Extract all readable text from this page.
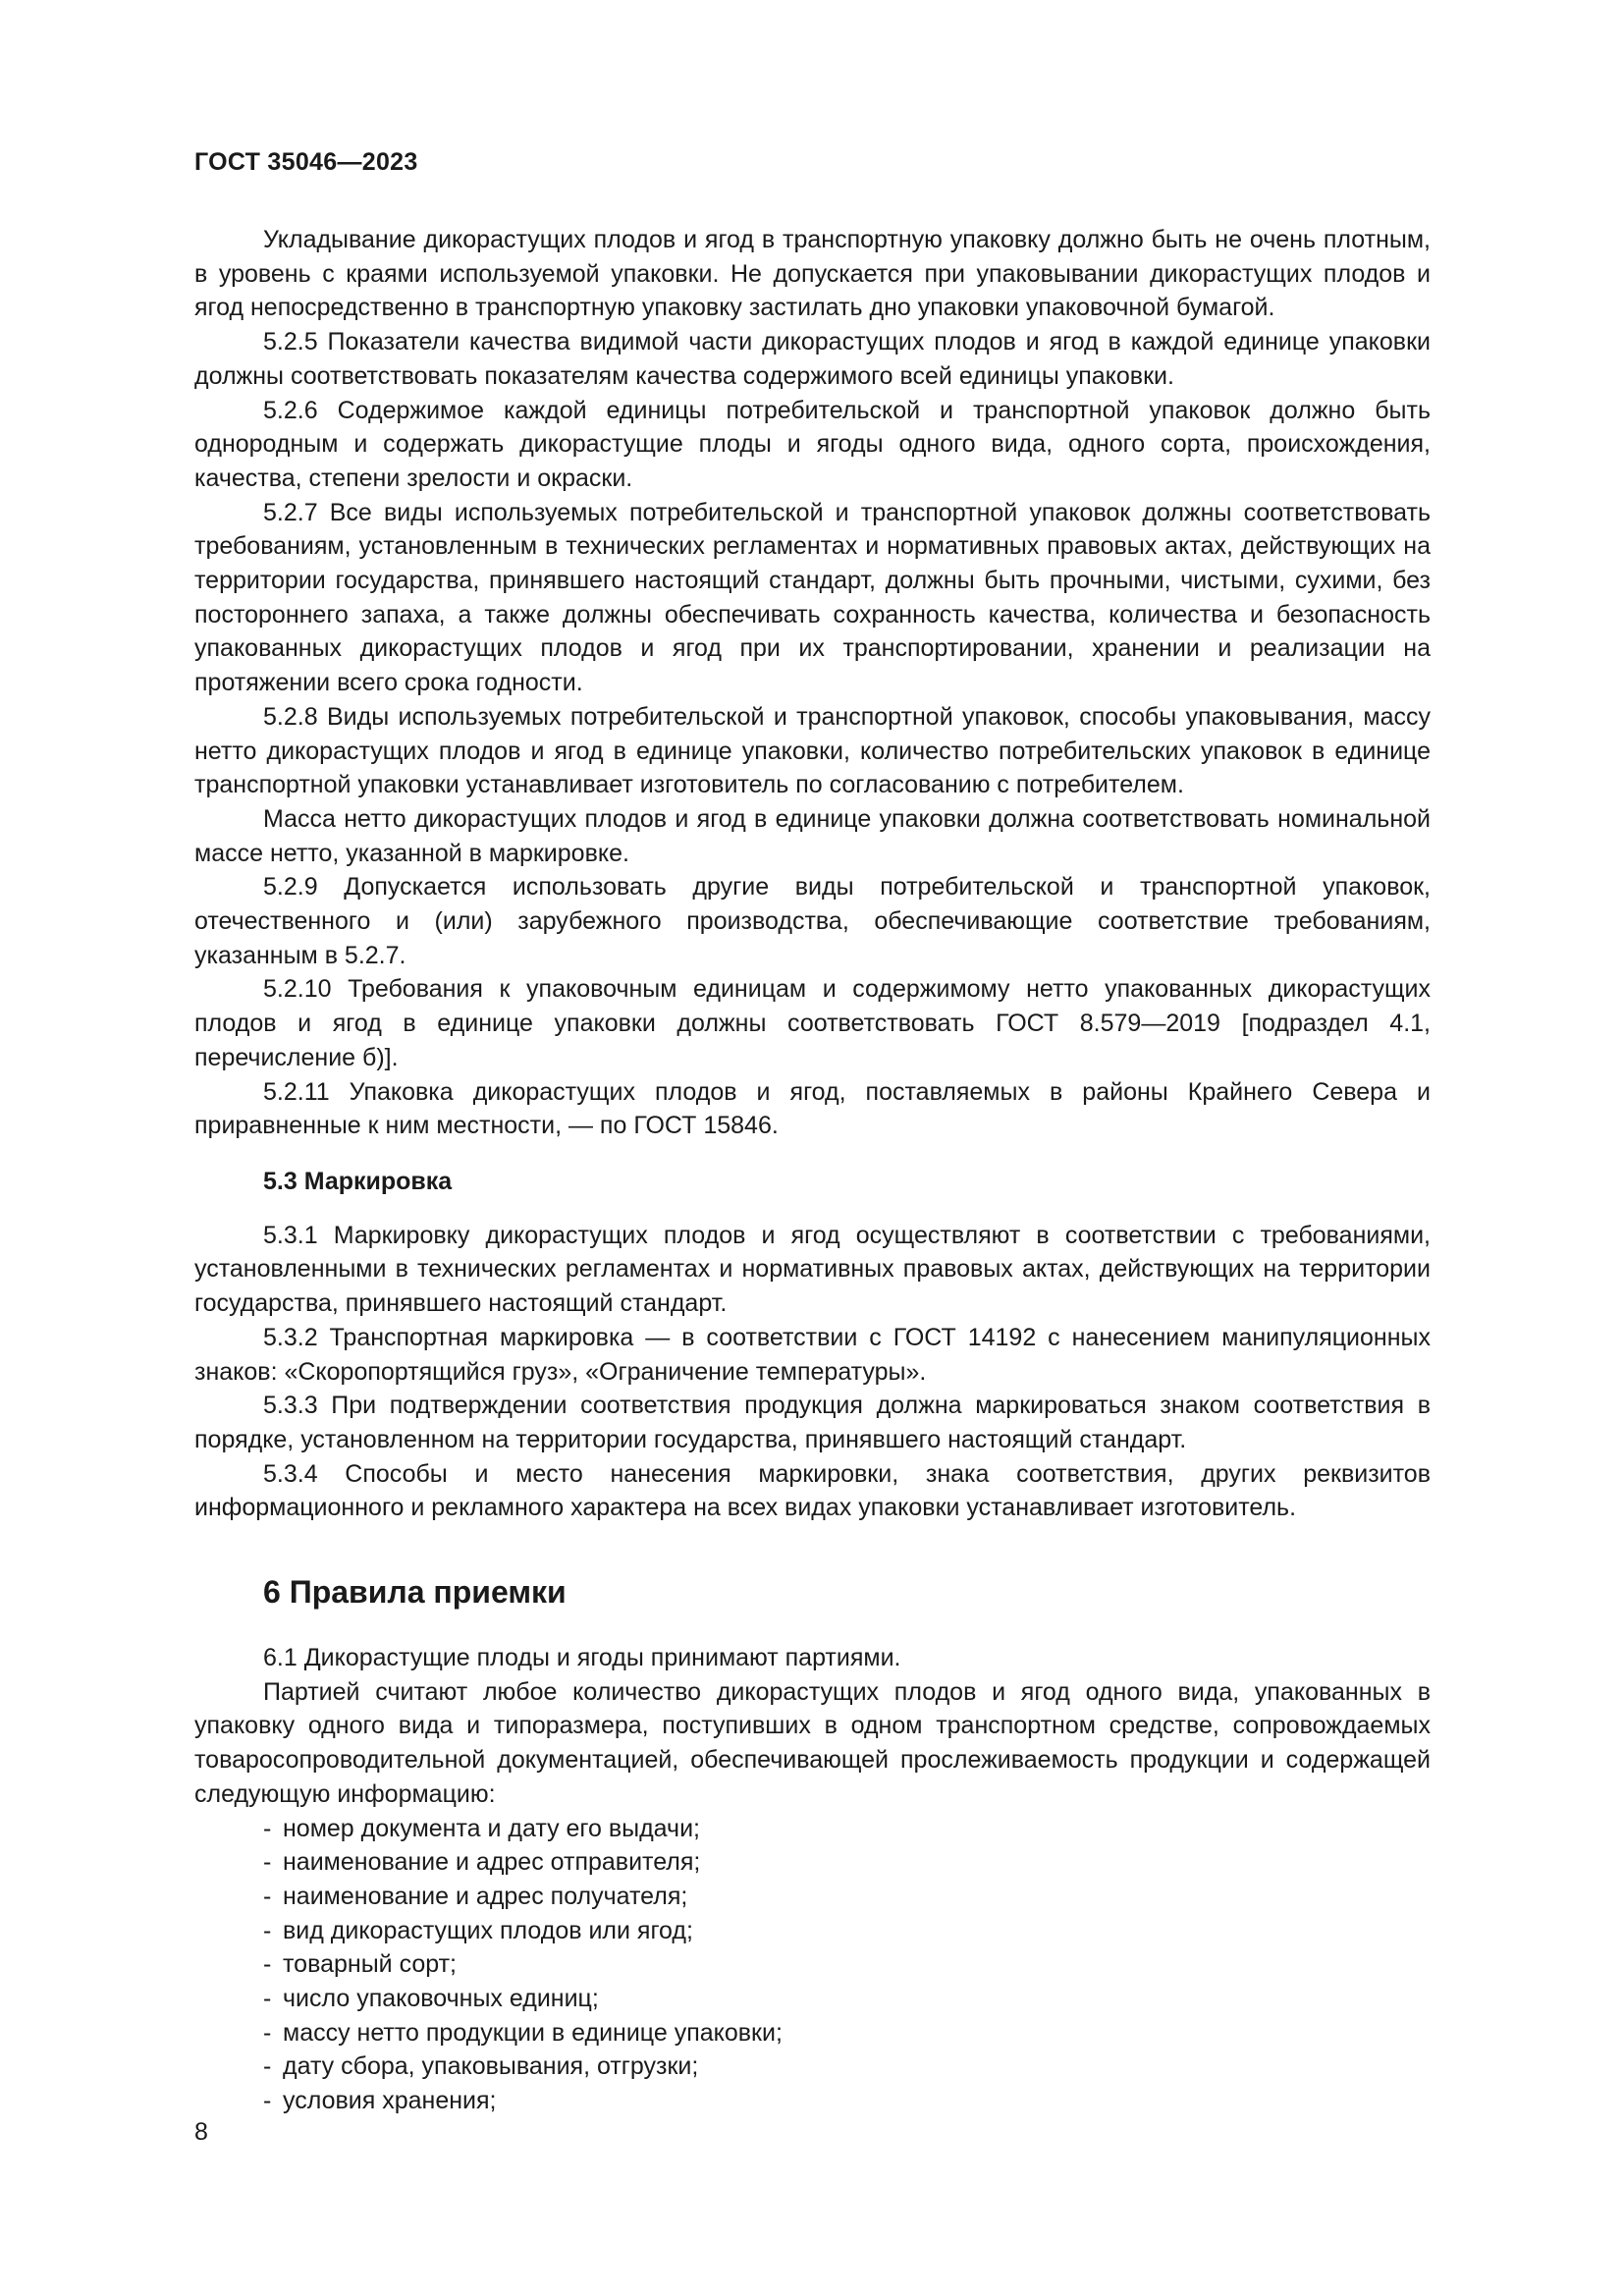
ГОСТ 35046—2023

Укладывание дикорастущих плодов и ягод в транспортную упаковку должно быть не очень плотным, в уровень с краями используемой упаковки. Не допускается при упаковывании дикорастущих плодов и ягод непосредственно в транспортную упаковку застилать дно упаковки упаковочной бумагой.

5.2.5 Показатели качества видимой части дикорастущих плодов и ягод в каждой единице упаковки должны соответствовать показателям качества содержимого всей единицы упаковки.

5.2.6 Содержимое каждой единицы потребительской и транспортной упаковок должно быть однородным и содержать дикорастущие плоды и ягоды одного вида, одного сорта, происхождения, качества, степени зрелости и окраски.

5.2.7 Все виды используемых потребительской и транспортной упаковок должны соответствовать требованиям, установленным в технических регламентах и нормативных правовых актах, действующих на территории государства, принявшего настоящий стандарт, должны быть прочными, чистыми, сухими, без постороннего запаха, а также должны обеспечивать сохранность качества, количества и безопасность упакованных дикорастущих плодов и ягод при их транспортировании, хранении и реализации на протяжении всего срока годности.

5.2.8 Виды используемых потребительской и транспортной упаковок, способы упаковывания, массу нетто дикорастущих плодов и ягод в единице упаковки, количество потребительских упаковок в единице транспортной упаковки устанавливает изготовитель по согласованию с потребителем.

Масса нетто дикорастущих плодов и ягод в единице упаковки должна соответствовать номинальной массе нетто, указанной в маркировке.

5.2.9 Допускается использовать другие виды потребительской и транспортной упаковок, отечественного и (или) зарубежного производства, обеспечивающие соответствие требованиям, указанным в 5.2.7.

5.2.10 Требования к упаковочным единицам и содержимому нетто упакованных дикорастущих плодов и ягод в единице упаковки должны соответствовать ГОСТ 8.579—2019 [подраздел 4.1, перечисление б)].

5.2.11 Упаковка дикорастущих плодов и ягод, поставляемых в районы Крайнего Севера и приравненные к ним местности, — по ГОСТ 15846.

5.3 Маркировка

5.3.1 Маркировку дикорастущих плодов и ягод осуществляют в соответствии с требованиями, установленными в технических регламентах и нормативных правовых актах, действующих на территории государства, принявшего настоящий стандарт.

5.3.2 Транспортная маркировка — в соответствии с ГОСТ 14192 с нанесением манипуляционных знаков: «Скоропортящийся груз», «Ограничение температуры».

5.3.3 При подтверждении соответствия продукция должна маркироваться знаком соответствия в порядке, установленном на территории государства, принявшего настоящий стандарт.

5.3.4 Способы и место нанесения маркировки, знака соответствия, других реквизитов информационного и рекламного характера на всех видах упаковки устанавливает изготовитель.

6 Правила приемки

6.1 Дикорастущие плоды и ягоды принимают партиями.

Партией считают любое количество дикорастущих плодов и ягод одного вида, упакованных в упаковку одного вида и типоразмера, поступивших в одном транспортном средстве, сопровождаемых товаросопроводительной документацией, обеспечивающей прослеживаемость продукции и содержащей следующую информацию:

- номер документа и дату его выдачи;
- наименование и адрес отправителя;
- наименование и адрес получателя;
- вид дикорастущих плодов или ягод;
- товарный сорт;
- число упаковочных единиц;
- массу нетто продукции в единице упаковки;
- дату сбора, упаковывания, отгрузки;
- условия хранения;
8
